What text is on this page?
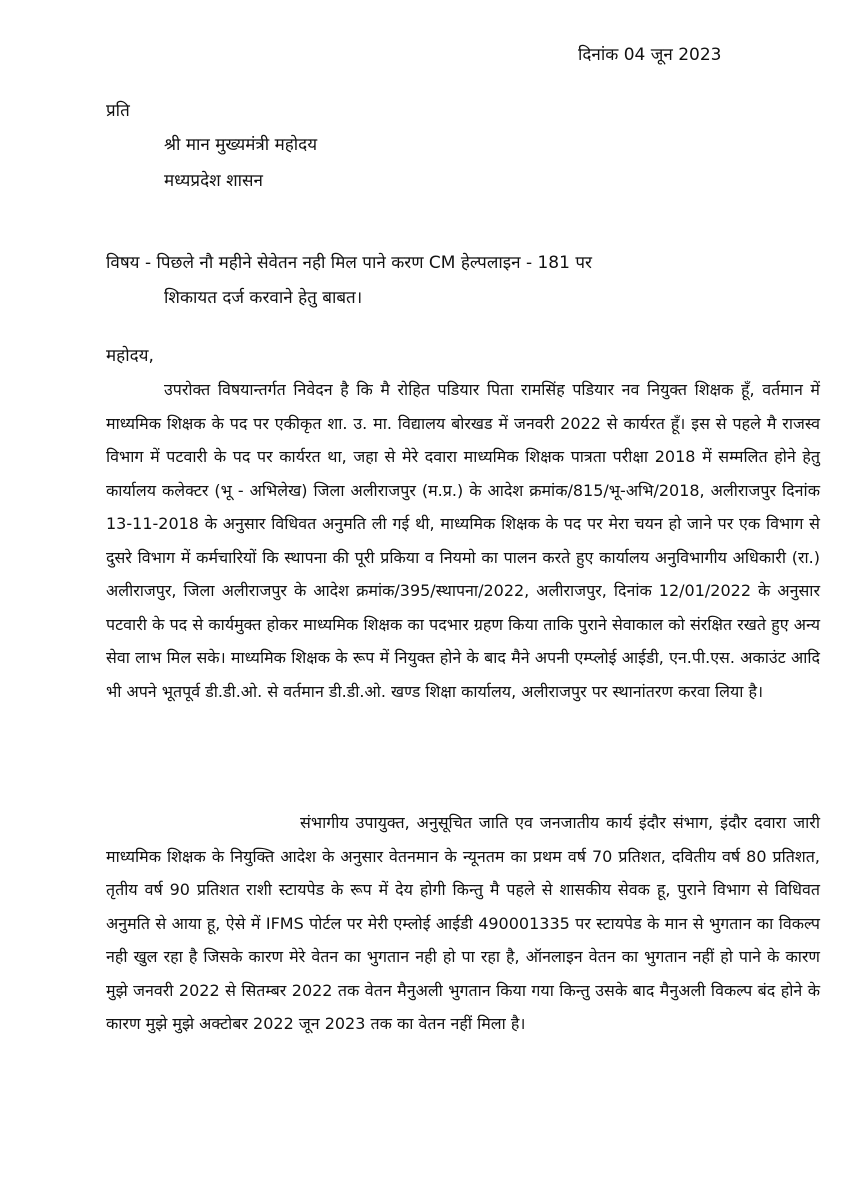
दिनांक 04 जून 2023
प्रति
श्री मान मुख्यमंत्री महोदय
मध्यप्रदेश शासन
विषय - पिछले नौ महीने सेवेतन नही मिल पाने करण CM हेल्पलाइन - 181 पर
शिकायत दर्ज करवाने हेतु बाबत।
महोदय,

उपरोक्त विषयान्तर्गत निवेदन है कि मै रोहित पडियार पिता रामसिंह पडियार नव नियुक्त शिक्षक हूँ, वर्तमान में माध्यमिक शिक्षक के पद पर एकीकृत शा. उ. मा. विद्यालय बोरखड में जनवरी 2022 से कार्यरत हूँ। इस से पहले मै राजस्व विभाग में पटवारी के पद पर कार्यरत था, जहा से मेरे दवारा माध्यमिक शिक्षक पात्रता परीक्षा 2018 में सम्मलित होने हेतु कार्यालय कलेक्टर (भू - अभिलेख) जिला अलीराजपुर (म.प्र.) के आदेश क्रमांक/815/भू-अभि/2018, अलीराजपुर दिनांक 13-11-2018 के अनुसार विधिवत अनुमति ली गई थी, माध्यमिक शिक्षक के पद पर मेरा चयन हो जाने पर एक विभाग से दुसरे विभाग में कर्मचारियों कि स्थापना की पूरी प्रकिया व नियमो का पालन करते हुए कार्यालय अनुविभागीय अधिकारी (रा.) अलीराजपुर, जिला अलीराजपुर के आदेश क्रमांक/395/स्थापना/2022, अलीराजपुर, दिनांक 12/01/2022 के अनुसार पटवारी के पद से कार्यमुक्त होकर माध्यमिक शिक्षक का पदभार ग्रहण किया ताकि पुराने सेवाकाल को संरक्षित रखते हुए अन्य सेवा लाभ मिल सके। माध्यमिक शिक्षक के रूप में नियुक्त होने के बाद मैने अपनी एम्प्लोई आईडी, एन.पी.एस. अकाउंट आदि भी अपने भूतपूर्व डी.डी.ओ. से वर्तमान डी.डी.ओ. खण्ड शिक्षा कार्यालय, अलीराजपुर पर स्थानांतरण करवा लिया है।

संभागीय उपायुक्त, अनुसूचित जाति एव जनजातीय कार्य इंदौर संभाग, इंदौर दवारा जारी माध्यमिक शिक्षक के नियुक्ति आदेश के अनुसार वेतनमान के न्यूनतम का प्रथम वर्ष 70 प्रतिशत, दवितीय वर्ष 80 प्रतिशत, तृतीय वर्ष 90 प्रतिशत राशी स्टायपेड के रूप में देय होगी किन्तु मै पहले से शासकीय सेवक हू, पुराने विभाग से विधिवत अनुमति से आया हू, ऐसे में IFMS पोर्टल पर मेरी एम्लोई आईडी 490001335 पर स्टायपेड के मान से भुगतान का विकल्प नही खुल रहा है जिसके कारण मेरे वेतन का भुगतान नही हो पा रहा है, ऑनलाइन वेतन का भुगतान नहीं हो पाने के कारण मुझे जनवरी 2022 से सितम्बर 2022 तक वेतन मैनुअली भुगतान किया गया किन्तु उसके बाद मैनुअली विकल्प बंद होने के कारण मुझे मुझे अक्टोबर 2022 जून 2023 तक का वेतन नहीं मिला है।
